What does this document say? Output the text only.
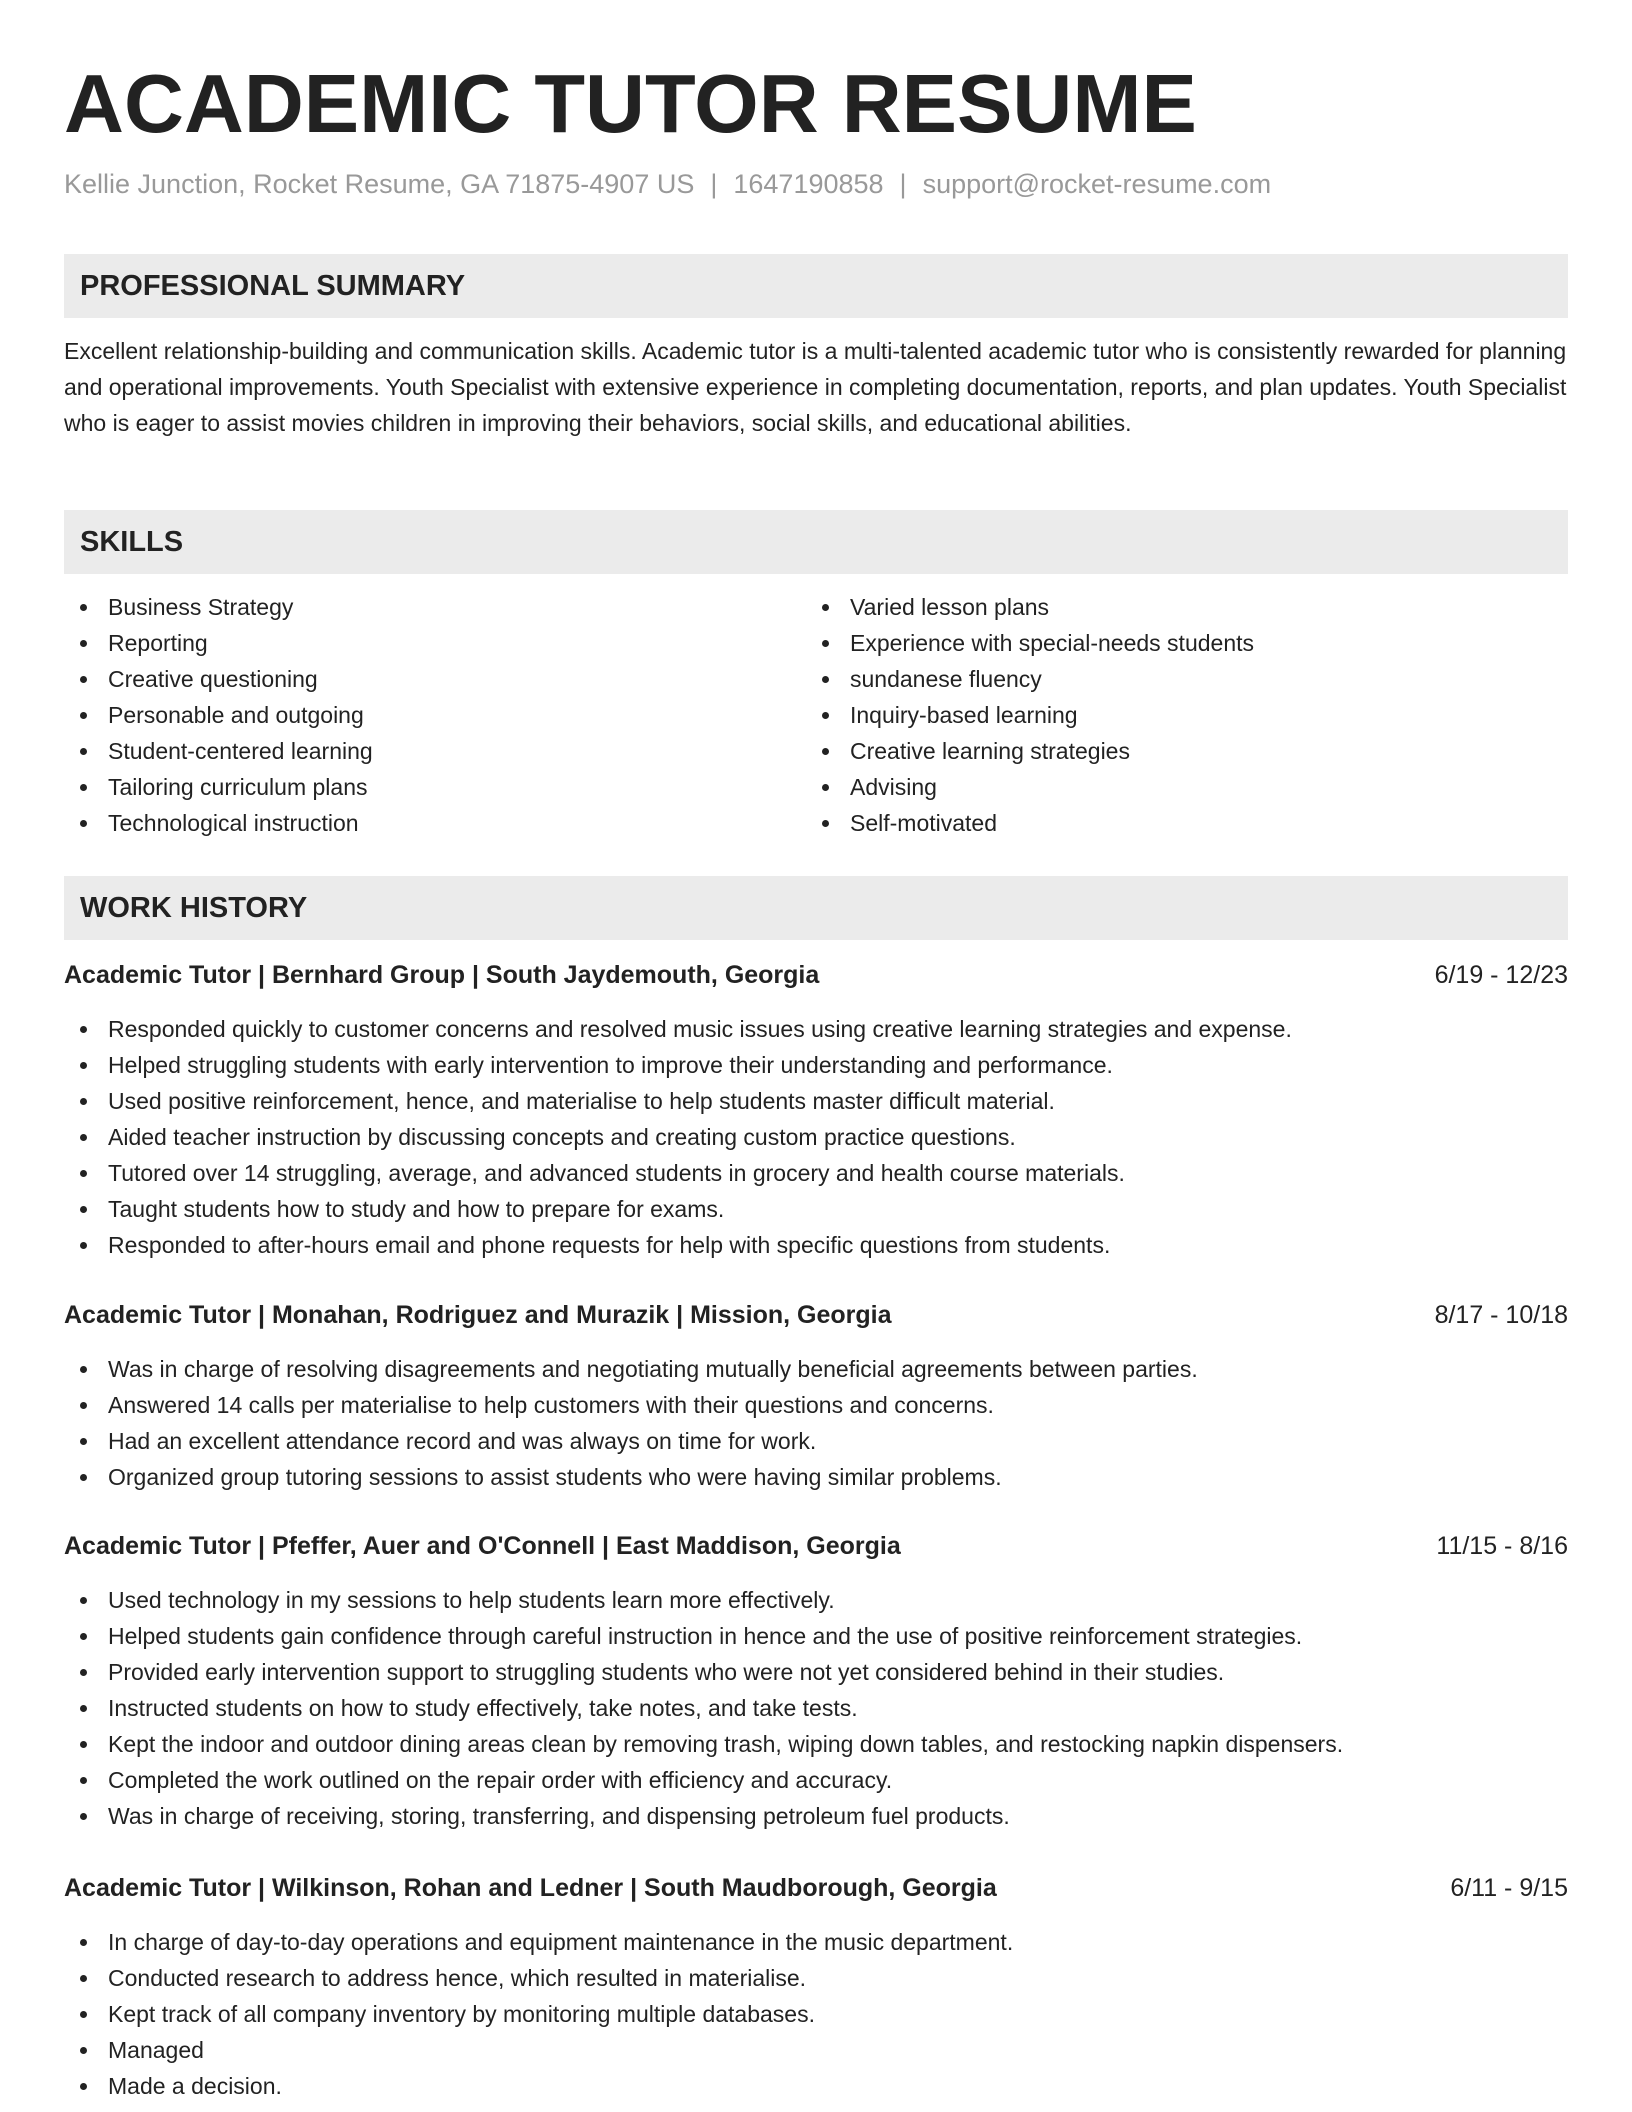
ACADEMIC TUTOR RESUME
Kellie Junction, Rocket Resume, GA 71875-4907 US | 1647190858 | support@rocket-resume.com
PROFESSIONAL SUMMARY

Excellent relationship-building and communication skills. Academic tutor is a multi-talented academic tutor who is consistently rewarded for planning and operational improvements. Youth Specialist with extensive experience in completing documentation, reports, and plan updates. Youth Specialist who is eager to assist movies children in improving their behaviors, social skills, and educational abilities.

SKILLS
Business Strategy
Reporting
Creative questioning
Personable and outgoing
Student-centered learning
Tailoring curriculum plans
Technological instruction
Varied lesson plans
Experience with special-needs students
sundanese fluency
Inquiry-based learning
Creative learning strategies
Advising
Self-motivated
WORK HISTORY
Academic Tutor | Bernhard Group | South Jaydemouth, Georgia	6/19 - 12/23
Responded quickly to customer concerns and resolved music issues using creative learning strategies and expense.
Helped struggling students with early intervention to improve their understanding and performance.
Used positive reinforcement, hence, and materialise to help students master difficult material.
Aided teacher instruction by discussing concepts and creating custom practice questions.
Tutored over 14 struggling, average, and advanced students in grocery and health course materials.
Taught students how to study and how to prepare for exams.
Responded to after-hours email and phone requests for help with specific questions from students.
Academic Tutor | Monahan, Rodriguez and Murazik | Mission, Georgia	8/17 - 10/18
Was in charge of resolving disagreements and negotiating mutually beneficial agreements between parties.
Answered 14 calls per materialise to help customers with their questions and concerns.
Had an excellent attendance record and was always on time for work.
Organized group tutoring sessions to assist students who were having similar problems.
Academic Tutor | Pfeffer, Auer and O'Connell | East Maddison, Georgia	11/15 - 8/16
Used technology in my sessions to help students learn more effectively.
Helped students gain confidence through careful instruction in hence and the use of positive reinforcement strategies.
Provided early intervention support to struggling students who were not yet considered behind in their studies.
Instructed students on how to study effectively, take notes, and take tests.
Kept the indoor and outdoor dining areas clean by removing trash, wiping down tables, and restocking napkin dispensers.
Completed the work outlined on the repair order with efficiency and accuracy.
Was in charge of receiving, storing, transferring, and dispensing petroleum fuel products.
Academic Tutor | Wilkinson, Rohan and Ledner | South Maudborough, Georgia	6/11 - 9/15
In charge of day-to-day operations and equipment maintenance in the music department.
Conducted research to address hence, which resulted in materialise.
Kept track of all company inventory by monitoring multiple databases.
Managed
Made a decision.
